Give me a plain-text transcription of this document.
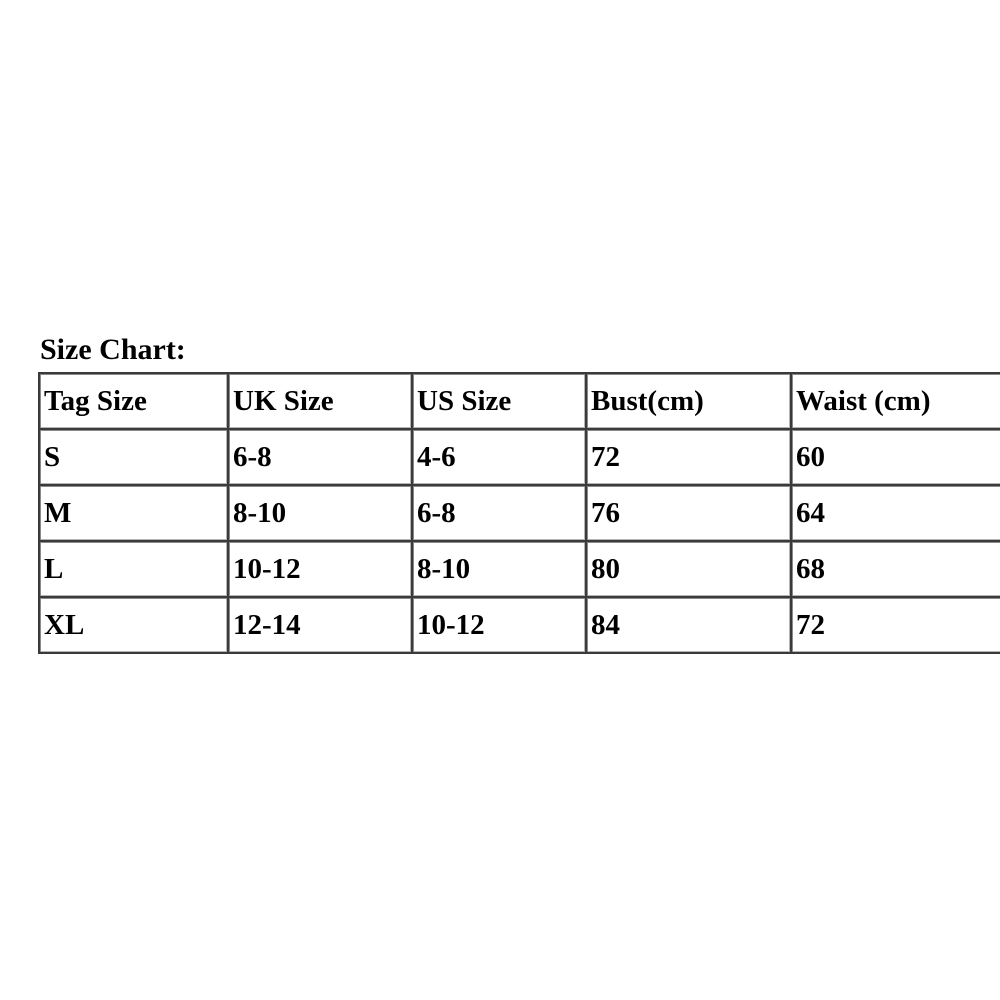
Size Chart:
Tag Size	UK Size	US Size	Bust(cm)	Waist (cm)
S	6-8	4-6	72	60
M	8-10	6-8	76	64
L	10-12	8-10	80	68
XL	12-14	10-12	84	72
